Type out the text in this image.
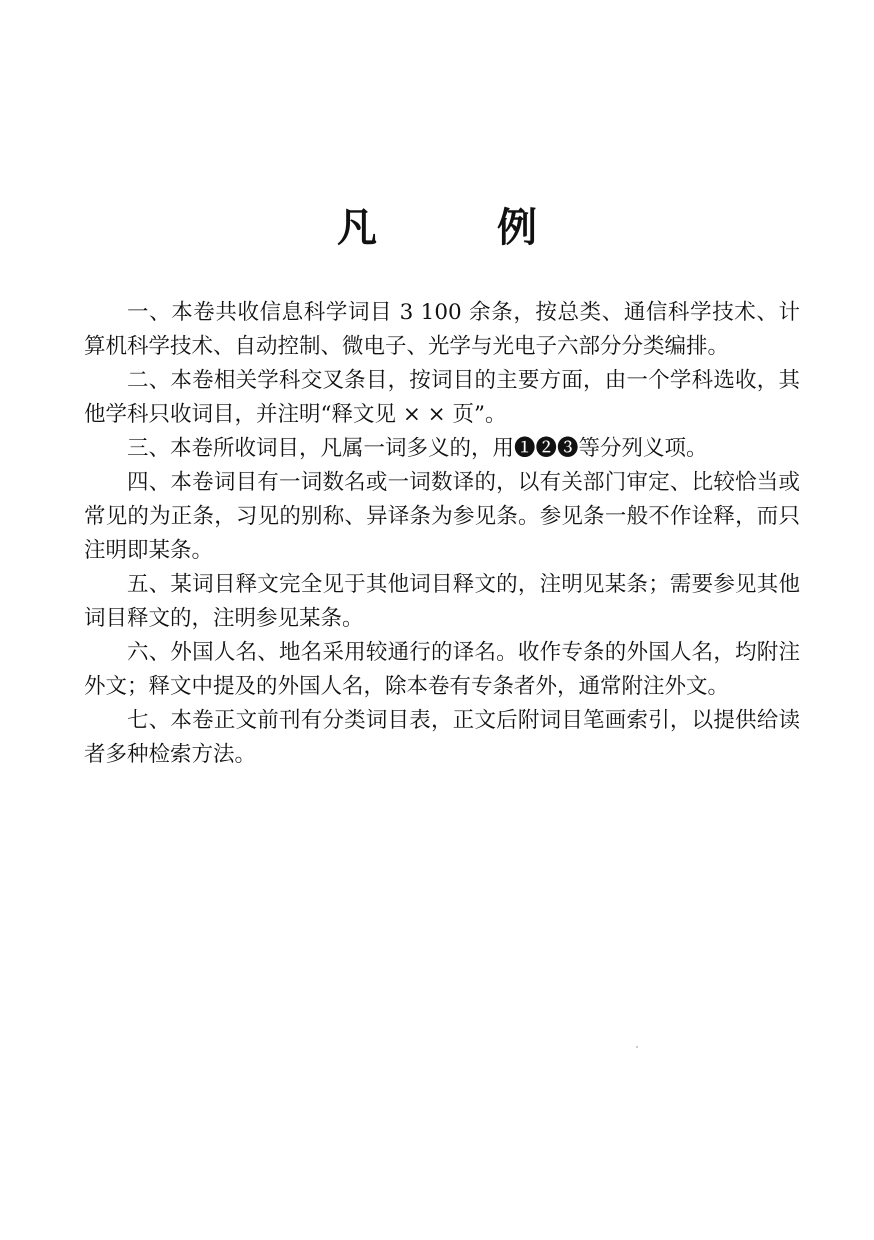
凡　例

一、本卷共收信息科学词目 3 100 余条，按总类、通信科学技术、计算机科学技术、自动控制、微电子、光学与光电子六部分分类编排。

二、本卷相关学科交叉条目，按词目的主要方面，由一个学科选收，其他学科只收词目，并注明“释文见 × × 页”。

三、本卷所收词目，凡属一词多义的，用❶❷❸等分列义项。

四、本卷词目有一词数名或一词数译的，以有关部门审定、比较恰当或常见的为正条，习见的别称、异译条为参见条。参见条一般不作诠释，而只注明即某条。

五、某词目释文完全见于其他词目释文的，注明见某条；需要参见其他词目释文的，注明参见某条。

六、外国人名、地名采用较通行的译名。收作专条的外国人名，均附注外文；释文中提及的外国人名，除本卷有专条者外，通常附注外文。

七、本卷正文前刊有分类词目表，正文后附词目笔画索引，以提供给读者多种检索方法。
